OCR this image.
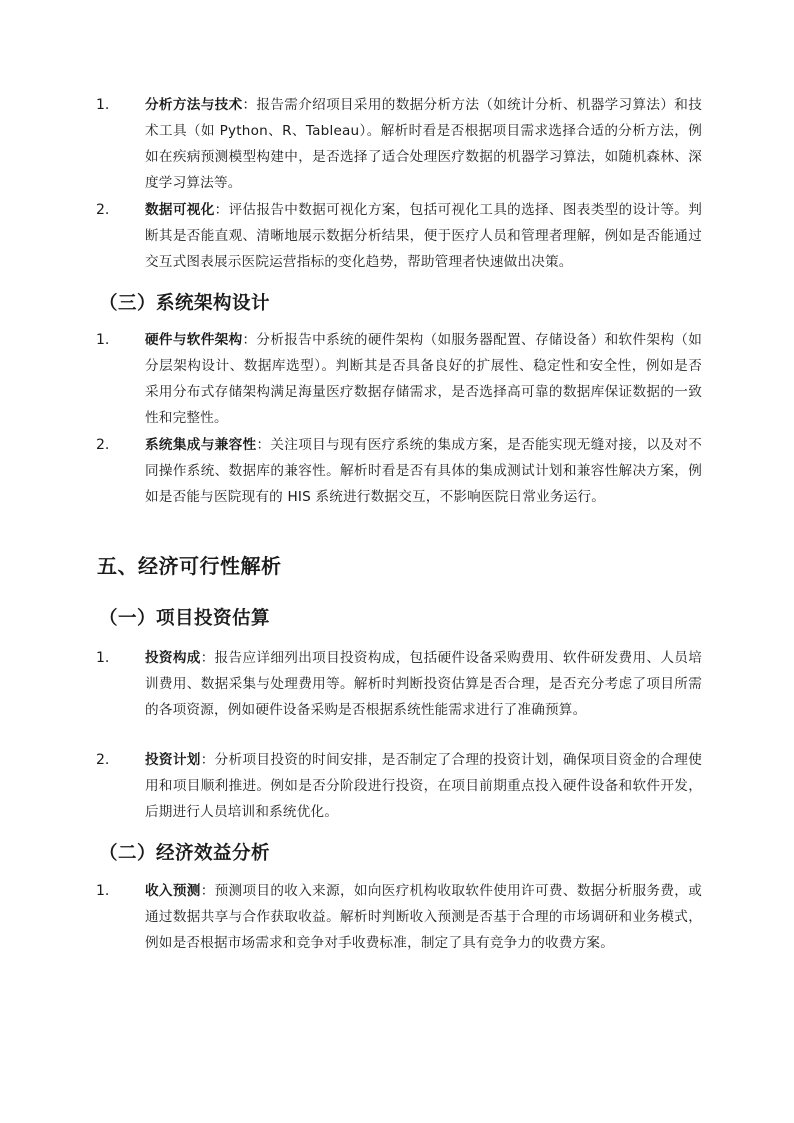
1.	分析方法与技术：报告需介绍项目采用的数据分析方法（如统计分析、机器学习算法）和技术工具（如 Python、R、Tableau）。解析时看是否根据项目需求选择合适的分析方法，例如在疾病预测模型构建中，是否选择了适合处理医疗数据的机器学习算法，如随机森林、深度学习算法等。
2.	数据可视化：评估报告中数据可视化方案，包括可视化工具的选择、图表类型的设计等。判断其是否能直观、清晰地展示数据分析结果，便于医疗人员和管理者理解，例如是否能通过交互式图表展示医院运营指标的变化趋势，帮助管理者快速做出决策。
（三）系统架构设计
1.	硬件与软件架构：分析报告中系统的硬件架构（如服务器配置、存储设备）和软件架构（如分层架构设计、数据库选型）。判断其是否具备良好的扩展性、稳定性和安全性，例如是否采用分布式存储架构满足海量医疗数据存储需求，是否选择高可靠的数据库保证数据的一致性和完整性。
2.	系统集成与兼容性：关注项目与现有医疗系统的集成方案，是否能实现无缝对接，以及对不同操作系统、数据库的兼容性。解析时看是否有具体的集成测试计划和兼容性解决方案，例如是否能与医院现有的 HIS 系统进行数据交互，不影响医院日常业务运行。
五、经济可行性解析
（一）项目投资估算
1.	投资构成：报告应详细列出项目投资构成，包括硬件设备采购费用、软件研发费用、人员培训费用、数据采集与处理费用等。解析时判断投资估算是否合理，是否充分考虑了项目所需的各项资源，例如硬件设备采购是否根据系统性能需求进行了准确预算。
2.	投资计划：分析项目投资的时间安排，是否制定了合理的投资计划，确保项目资金的合理使用和项目顺利推进。例如是否分阶段进行投资，在项目前期重点投入硬件设备和软件开发，后期进行人员培训和系统优化。
（二）经济效益分析
1.	收入预测：预测项目的收入来源，如向医疗机构收取软件使用许可费、数据分析服务费，或通过数据共享与合作获取收益。解析时判断收入预测是否基于合理的市场调研和业务模式，例如是否根据市场需求和竞争对手收费标准，制定了具有竞争力的收费方案。
